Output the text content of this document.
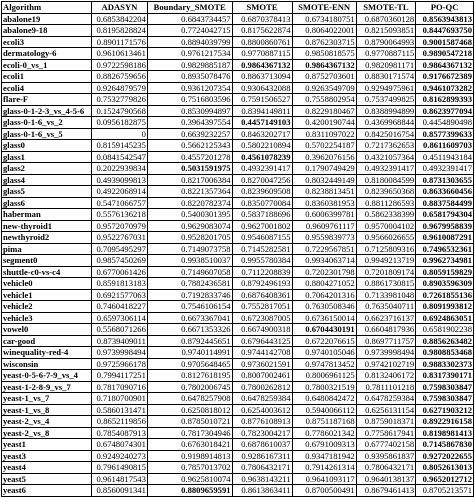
Algorithm	ADASYN	Boundary_SMOTE	SMOTE	SMOTE-ENN	SMOTE-TL	PO-QC
abalone19	0.6853842204	0.6843734457	0.6870378413	0.6734180751	0.6870360128	0.8563943813
abalone9-18	0.8195828824	0.7724042715	0.8175622874	0.8064022001	0.8215093851	0.8447693750
ecoli3	0.8901171576	0.8894039799	0.8800860761	0.8762303715	0.8790064993	0.9001587468
dermatology-6	0.9610613461	0.9761217534	0.9770887115	0.9850818575	0.9770887115	0.9890547218
ecoli-0_vs_1	0.9722598186	0.9829885187	0.9864367132	0.9864367132	0.9820981171	0.9864367132
ecoli1	0.8826759656	0.8935078476	0.8863713094	0.8752703601	0.8830171574	0.9176672389
ecoli4	0.9264879579	0.9361207354	0.9306432088	0.9263549709	0.9294975961	0.9461073282
flare-F	0.7532779826	0.7516803596	0.7591506527	0.7558802954	0.7537499825	0.8162899393
glass-0-1-2-3_vs_4-5-6	0.1524790568	0.8530994897	0.8394149811	0.8229180467	0.8388994899	0.8623977094
glass-0-1-6_vs_2	0.0956182875	0.3964397554	0.4457149103	0.4200190744	0.4369968844	0.4454890498
glass-0-1-6_vs_5	0	0.6639232257	0.8463202717	0.8311097022	0.8425016754	0.8577399633
glass0	0.8159145235	0.5662125343	0.5802210894	0.5702254187	0.7217362653	0.8611609703
glass1	0.0841542547	0.4557201278	0.4561078239	0.3962076156	0.4321057364	0.4511943184
glass2	0.2022939834	0.5031591975	0.4932391417	0.1790749429	0.4932391417	0.4932391417
glass4	0.4939099813	0.8217006384	0.8270047256	0.8032449149	0.8180084599	0.8731303655
glass5	0.4922068914	0.8221357364	0.8239609508	0.8238813451	0.8239650368	0.8633660456
glass6	0.5471066757	0.8220782374	0.8350770084	0.8360381953	0.8811286593	0.8837584499
haberman	0.5576136218	0.5400301395	0.5837188696	0.6006399781	0.5862338399	0.6581794304
new-thyroid1	0.9572070979	0.9629083074	0.9627001802	0.9609761117	0.9570004102	0.9679958839
newthyroid2	0.9522767031	0.9528201705	0.9546087155	0.9559839773	0.9566026655	0.9610087291
pima	0.7095495297	0.7149073758	0.7145282581	0.7229567851	0.7125809316	0.7496532361
segment0	0.9857450269	0.9938510037	0.9955780384	0.9934063714	0.9949213719	0.9962734981
shuttle-c0-vs-c4	0.6770061426	0.7149607058	0.7112208839	0.7202301798	0.7201809174	0.8059159829
vehicle0	0.8591813183	0.7882436581	0.8792496193	0.8804271052	0.8861730815	0.8903596309
vehicle1	0.6921577063	0.7192833746	0.6876408361	0.7064201316	0.7133981048	0.7261855136
vehicle2	0.7460418227	0.7546106154	0.7552817051	0.7630508346	0.7635040711	0.8091993812
vehicle3	0.6597306114	0.6673367041	0.6723087005	0.6736150014	0.6623716137	0.6924863051
vowel0	0.5568071266	0.6671353326	0.6674900318	0.6704430191	0.6604817936	0.6581902238
car-good	0.8739409011	0.8792445651	0.6796443125	0.6722076615	0.8697711757	0.8856263482
winequality-red-4	0.9739998494	0.9740114991	0.9744142708	0.9740105046	0.9739998494	0.9808853468
wisconsin	0.9725966178	0.9705648465	0.9736021591	0.9747813452	0.9742102719	0.9883302373
yeast-0-5-6-7-9_vs_4	0.7994117251	0.8127618195	0.8007002461	0.8006961125	0.8132406172	0.8317390171
yeast-1-2-8-9_vs_7	0.7817090716	0.7802006745	0.7800262812	0.7800321519	0.7811101218	0.7598303847
yeast-1_vs_7	0.7180700901	0.6478257908	0.6478259384	0.6480842472	0.6478259384	0.7598303847
yeast-1_vs_8	0.5860131471	0.6250818012	0.6254003612	0.5940066112	0.6256131154	0.6271903212
yeast-2_vs_4	0.8652119856	0.8785010721	0.8776108913	0.8751187168	0.8759018371	0.8922916158
yeast-2_vs_8	0.7854087913	0.7817304946	0.7823004217	0.7786021342	0.7758617941	0.8198981413
yeast1	0.6748074301	0.6763018421	0.6878610037	0.6791009313	0.6777402158	0.7145867830
yeast3	0.9249240273	0.9198914813	0.9286167311	0.9347181942	0.9395861837	0.9272022655
yeast4	0.7961490815	0.7857013702	0.7806432171	0.7914261314	0.7806432171	0.8052613013
yeast5	0.9614817543	0.9625810074	0.9638143211	0.9641093117	0.9640138137	0.9652012712
yeast6	0.8560091341	0.8809659591	0.8613863411	0.8700500491	0.8679461413	0.8705213571
